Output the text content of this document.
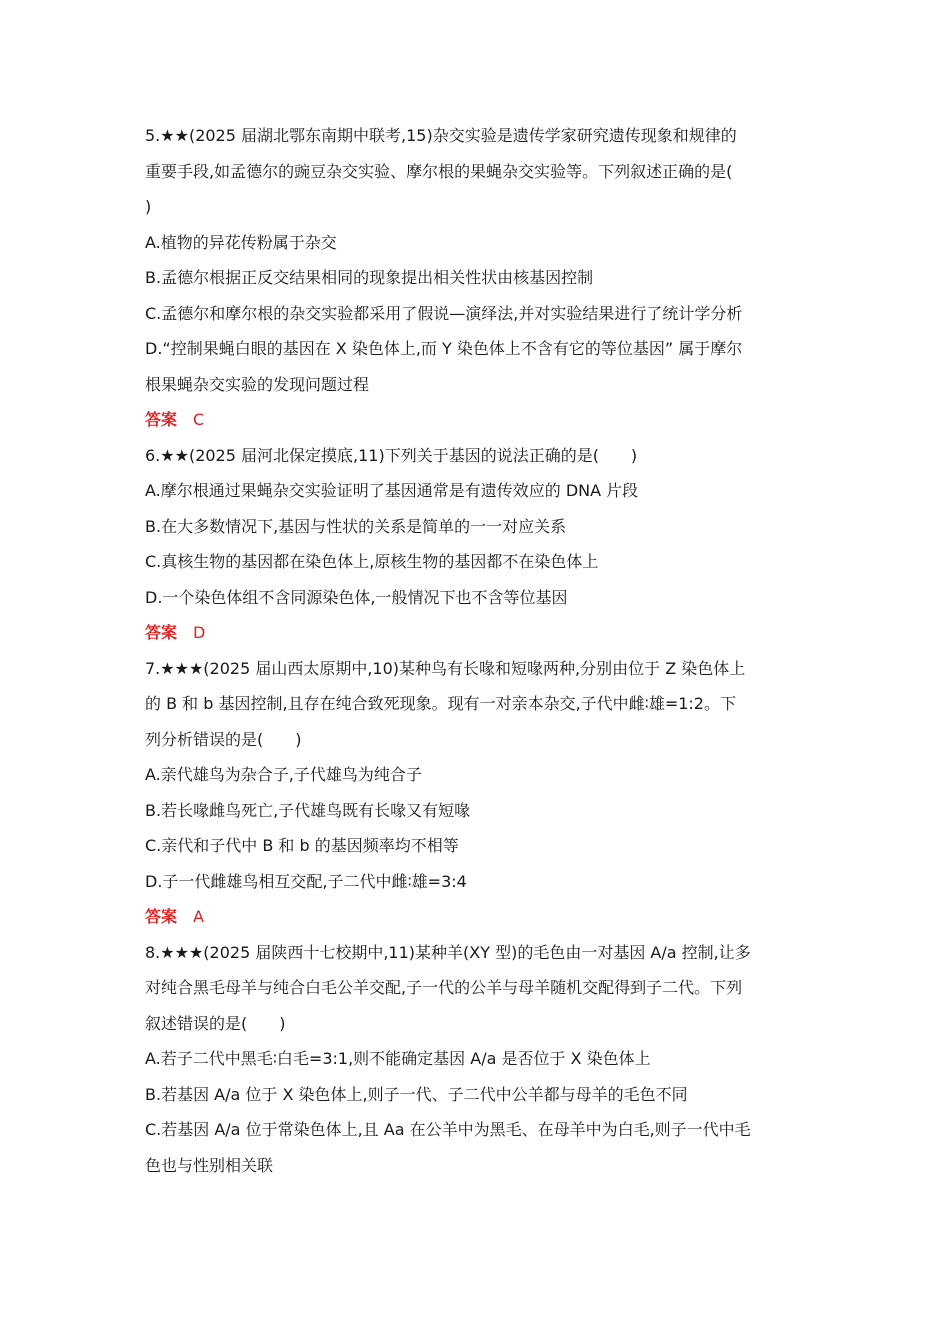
5.★★(2025 届湖北鄂东南期中联考,15)杂交实验是遗传学家研究遗传现象和规律的
重要手段,如孟德尔的豌豆杂交实验、摩尔根的果蝇杂交实验等。下列叙述正确的是(
)
A.植物的异花传粉属于杂交
B.孟德尔根据正反交结果相同的现象提出相关性状由核基因控制
C.孟德尔和摩尔根的杂交实验都采用了假说—演绎法,并对实验结果进行了统计学分析
D.“控制果蝇白眼的基因在 X 染色体上,而 Y 染色体上不含有它的等位基因” 属于摩尔
根果蝇杂交实验的发现问题过程
答案 C
6.★★(2025 届河北保定摸底,11)下列关于基因的说法正确的是(　　)
A.摩尔根通过果蝇杂交实验证明了基因通常是有遗传效应的 DNA 片段
B.在大多数情况下,基因与性状的关系是简单的一一对应关系
C.真核生物的基因都在染色体上,原核生物的基因都不在染色体上
D.一个染色体组不含同源染色体,一般情况下也不含等位基因
答案 D
7.★★★(2025 届山西太原期中,10)某种鸟有长喙和短喙两种,分别由位于 Z 染色体上
的 B 和 b 基因控制,且存在纯合致死现象。现有一对亲本杂交,子代中雌∶雄=1:2。下
列分析错误的是(　　)
A.亲代雄鸟为杂合子,子代雄鸟为纯合子
B.若长喙雌鸟死亡,子代雄鸟既有长喙又有短喙
C.亲代和子代中 B 和 b 的基因频率均不相等
D.子一代雌雄鸟相互交配,子二代中雌∶雄=3:4
答案 A
8.★★★(2025 届陕西十七校期中,11)某种羊(XY 型)的毛色由一对基因 A/a 控制,让多
对纯合黑毛母羊与纯合白毛公羊交配,子一代的公羊与母羊随机交配得到子二代。下列
叙述错误的是(　　)
A.若子二代中黑毛∶白毛=3:1,则不能确定基因 A/a 是否位于 X 染色体上
B.若基因 A/a 位于 X 染色体上,则子一代、子二代中公羊都与母羊的毛色不同
C.若基因 A/a 位于常染色体上,且 Aa 在公羊中为黑毛、在母羊中为白毛,则子一代中毛
色也与性别相关联
